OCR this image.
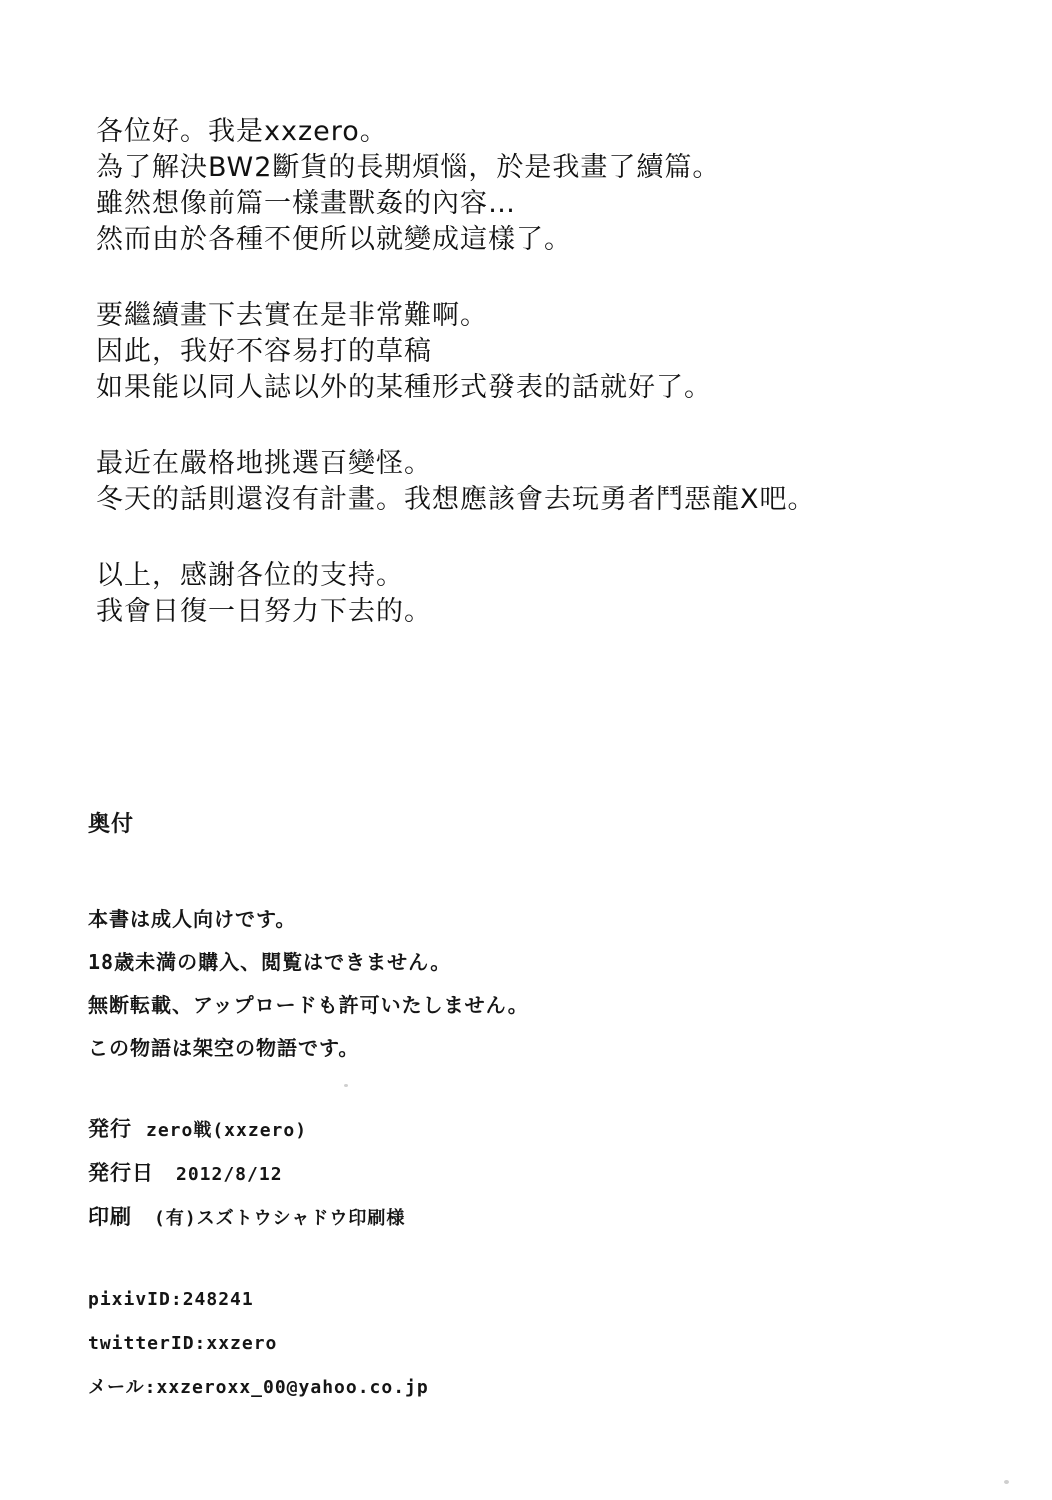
各位好。我是xxzero。
為了解決BW2斷貨的長期煩惱，於是我畫了續篇。
雖然想像前篇一樣畫獸姦的內容…
然而由於各種不便所以就變成這樣了。
要繼續畫下去實在是非常難啊。
因此，我好不容易打的草稿
如果能以同人誌以外的某種形式發表的話就好了。
最近在嚴格地挑選百變怪。
冬天的話則還沒有計畫。我想應該會去玩勇者鬥惡龍X吧。
以上，感謝各位的支持。
我會日復一日努力下去的。
奥付
本書は成人向けです。
18歳未満の購入、閲覧はできません。
無断転載、アップロードも許可いたしません。
この物語は架空の物語です。
発行 zero戦(xxzero)
発行日 2012/8/12
印刷 (有)スズトウシャドウ印刷様
pixivID:248241
twitterID:xxzero
メール:xxzeroxx_00@yahoo.co.jp
